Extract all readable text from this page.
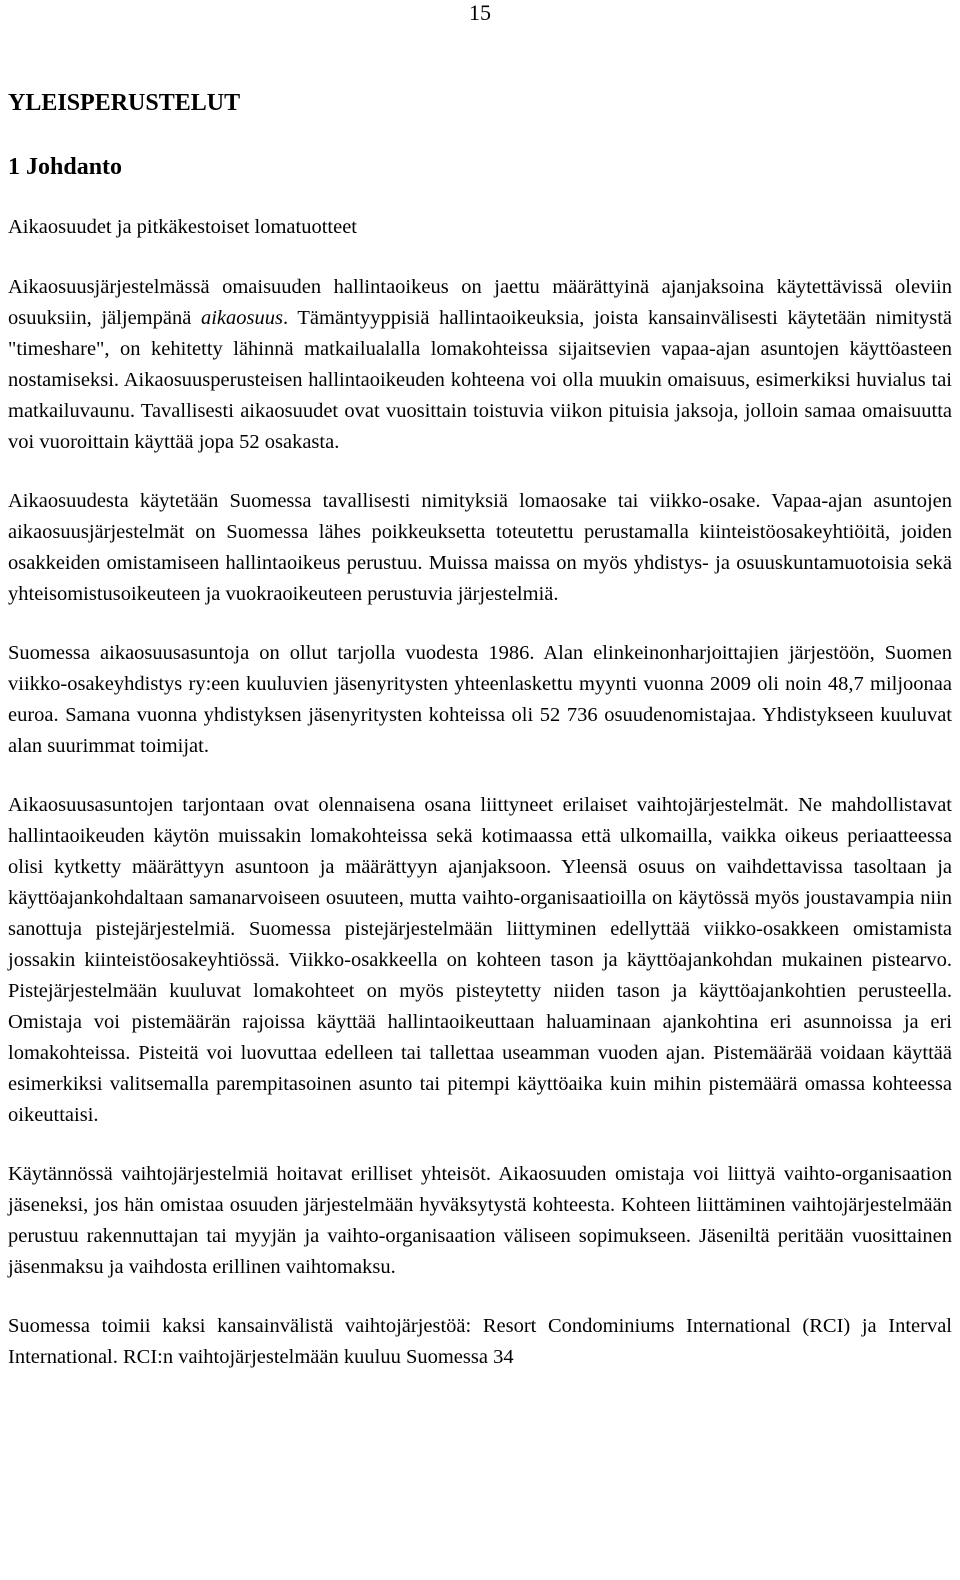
15
YLEISPERUSTELUT
1 Johdanto
Aikaosuudet ja pitkäkestoiset lomatuotteet

Aikaosuusjärjestelmässä omaisuuden hallintaoikeus on jaettu määrättyinä ajanjaksoina käytettävissä oleviin osuuksiin, jäljempänä aikaosuus. Tämäntyyppisiä hallintaoikeuksia, joista kansainvälisesti käytetään nimitystä "timeshare", on kehitetty lähinnä matkailualalla lomakohteissa sijaitsevien vapaa-ajan asuntojen käyttöasteen nostamiseksi. Aikaosuusperusteisen hallintaoikeuden kohteena voi olla muukin omaisuus, esimerkiksi huvialus tai matkailuvaunu. Tavallisesti aikaosuudet ovat vuosittain toistuvia viikon pituisia jaksoja, jolloin samaa omaisuutta voi vuoroittain käyttää jopa 52 osakasta.

Aikaosuudesta käytetään Suomessa tavallisesti nimityksiä lomaosake tai viikko-osake. Vapaa-ajan asuntojen aikaosuusjärjestelmät on Suomessa lähes poikkeuksetta toteutettu perustamalla kiinteistöosakeyhtiöitä, joiden osakkeiden omistamiseen hallintaoikeus perustuu. Muissa maissa on myös yhdistys- ja osuuskuntamuotoisia sekä yhteisomistusoikeuteen ja vuokraoikeuteen perustuvia järjestelmiä.

Suomessa aikaosuusasuntoja on ollut tarjolla vuodesta 1986. Alan elinkeinonharjoittajien järjestöön, Suomen viikko-osakeyhdistys ry:een kuuluvien jäsenyritysten yhteenlaskettu myynti vuonna 2009 oli noin 48,7 miljoonaa euroa. Samana vuonna yhdistyksen jäsenyritysten kohteissa oli 52 736 osuudenomistajaa. Yhdistykseen kuuluvat alan suurimmat toimijat.

Aikaosuusasuntojen tarjontaan ovat olennaisena osana liittyneet erilaiset vaihtojärjestelmät. Ne mahdollistavat hallintaoikeuden käytön muissakin lomakohteissa sekä kotimaassa että ulkomailla, vaikka oikeus periaatteessa olisi kytketty määrättyyn asuntoon ja määrättyyn ajanjaksoon. Yleensä osuus on vaihdettavissa tasoltaan ja käyttöajankohdaltaan samanarvoiseen osuuteen, mutta vaihto-organisaatioilla on käytössä myös joustavampia niin sanottuja pistejärjestelmiä. Suomessa pistejärjestelmään liittyminen edellyttää viikko-osakkeen omistamista jossakin kiinteistöosakeyhtiössä. Viikko-osakkeella on kohteen tason ja käyttöajankohdan mukainen pistearvo. Pistejärjestelmään kuuluvat lomakohteet on myös pisteytetty niiden tason ja käyttöajankohtien perusteella. Omistaja voi pistemäärän rajoissa käyttää hallintaoikeuttaan haluaminaan ajankohtina eri asunnoissa ja eri lomakohteissa. Pisteitä voi luovuttaa edelleen tai tallettaa useamman vuoden ajan. Pistemäärää voidaan käyttää esimerkiksi valitsemalla parempitasoinen asunto tai pitempi käyttöaika kuin mihin pistemäärä omassa kohteessa oikeuttaisi.

Käytännössä vaihtojärjestelmiä hoitavat erilliset yhteisöt. Aikaosuuden omistaja voi liittyä vaihto-organisaation jäseneksi, jos hän omistaa osuuden järjestelmään hyväksytystä kohteesta. Kohteen liittäminen vaihtojärjestelmään perustuu rakennuttajan tai myyjän ja vaihto-organisaation väliseen sopimukseen. Jäseniltä peritään vuosittainen jäsenmaksu ja vaihdosta erillinen vaihtomaksu.

Suomessa toimii kaksi kansainvälistä vaihtojärjestöä: Resort Condominiums International (RCI) ja Interval International. RCI:n vaihtojärjestelmään kuuluu Suomessa 34
